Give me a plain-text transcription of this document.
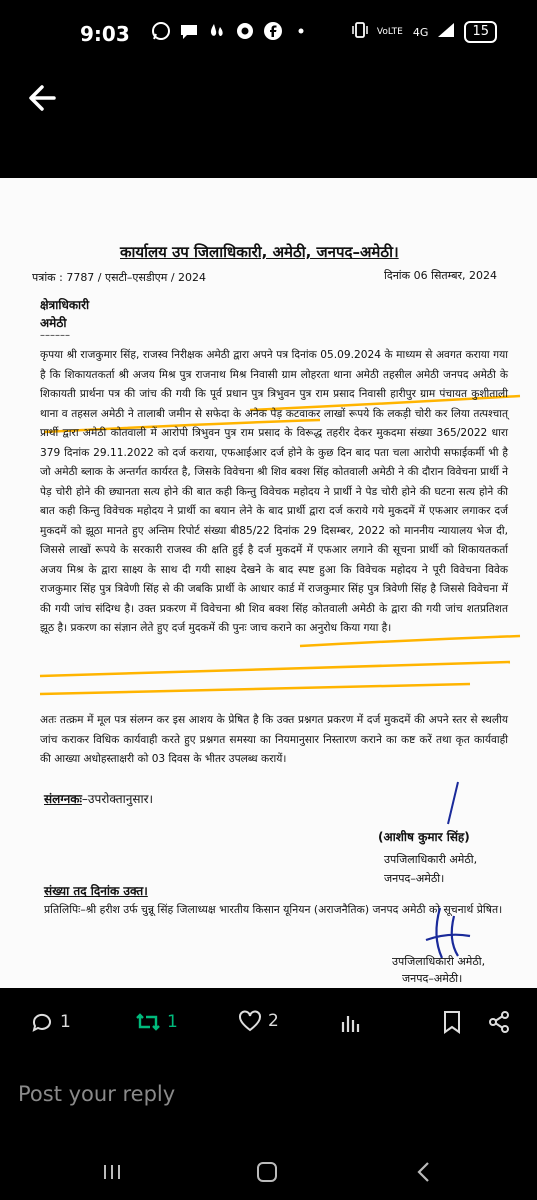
9:03	VoLTE 4G	15
कार्यालय उप जिलाधिकारी, अमेठी, जनपद–अमेठी।
पत्रांक : 7787 / एसटी–एसडीएम / 2024	दिनांक 06 सितम्बर, 2024
क्षेत्राधिकारी
अमेठी
––––––
कृपया श्री राजकुमार सिंह, राजस्व निरीक्षक अमेठी द्वारा अपने पत्र दिनांक 05.09.2024 के माध्यम से अवगत कराया गया है कि शिकायतकर्ता श्री अजय मिश्र पुत्र राजनाथ मिश्र निवासी ग्राम लोहरता थाना अमेठी तहसील अमेठी जनपद अमेठी के शिकायती प्रार्थना पत्र की जांच की गयी कि पूर्व प्रधान पुत्र त्रिभुवन पुत्र राम प्रसाद निवासी हारीपुर ग्राम पंचायत कुशीताली थाना व तहसल अमेठी ने तालाबी जमीन से सफेदा के अनेक पेड़ कटवाकर लाखों रूपये कि लकड़ी चोरी कर लिया तत्पश्चात् प्रार्थी द्वारा अमेठी कोतवाली में आरोपी त्रिभुवन पुत्र राम प्रसाद के विरूद्ध तहरीर देकर मुकदमा संख्या 365/2022 धारा 379 दिनांक 29.11.2022 को दर्ज कराया, एफआईआर दर्ज होने के कुछ दिन बाद पता चला आरोपी सफाईकर्मी भी है जो अमेठी ब्लाक के अन्तर्गत कार्यरत है, जिसके विवेचना श्री शिव बक्श सिंह कोतवाली अमेठी ने की दौरान विवेचना प्रार्थी ने पेड़ चोरी होने की छ्यानता सत्य होने की बात कही किन्तु विवेचक महोदय ने प्रार्थी ने पेड चोरी होने की घटना सत्य होने की बात कही किन्तु विवेचक महोदय ने प्रार्थी का बयान लेने के बाद प्रार्थी द्वारा दर्ज कराये गये मुकदमें में एफआर लगाकर दर्ज मुकदमें को झूठा मानते हुए अन्तिम रिपोर्ट संख्या बी85/22 दिनांक 29 दिसम्बर, 2022 को माननीय न्यायालय भेज दी, जिससे लाखों रूपये के सरकारी राजस्व की क्षति हुई है दर्ज मुकदमें में एफआर लगाने की सूचना प्रार्थी को शिकायतकर्ता अजय मिश्र के द्वारा साक्ष्य के साथ दी गयी साक्ष्य देखने के बाद स्पष्ट हुआ कि विवेचक महोदय ने पूरी विवेचना विवेक राजकुमार सिंह पुत्र त्रिवेणी सिंह से की जबकि प्रार्थी के आधार कार्ड में राजकुमार सिंह पुत्र त्रिवेणी सिंह है जिससे विवेचना में की गयी जांच संदिग्ध है। उक्त प्रकरण में विवेचना श्री शिव बक्श सिंह कोतवाली अमेठी के द्वारा की गयी जांच शतप्रतिशत झूठ है। प्रकरण का संज्ञान लेते हुए दर्ज मुदकमें की पुनः जाच कराने का अनुरोध किया गया है।
अतः तत्क्रम में मूल पत्र संलग्न कर इस आशय के प्रेषित है कि उक्त प्रश्नगत प्रकरण में दर्ज मुकदमें की अपने स्तर से स्थलीय जांच कराकर विधिक कार्यवाही करते हुए प्रश्नगत समस्या का नियमानुसार निस्तारण कराने का कष्ट करें तथा कृत कार्यवाही की आख्या अधोहस्ताक्षरी को 03 दिवस के भीतर उपलब्ध करायें।
संलग्नकः–उपरोक्तानुसार।
(आशीष कुमार सिंह)
उपजिलाधिकारी अमेठी,
जनपद–अमेठी।
संख्या तद दिनांक उक्त।
प्रतिलिपिः–श्री हरीश उर्फ चुन्नू सिंह जिलाध्यक्ष भारतीय किसान यूनियन (अराजनैतिक) जनपद अमेठी को सूचनार्थ प्रेषित।
उपजिलाधिकारी अमेठी,
जनपद–अमेठी।
1	1	2
Post your reply
